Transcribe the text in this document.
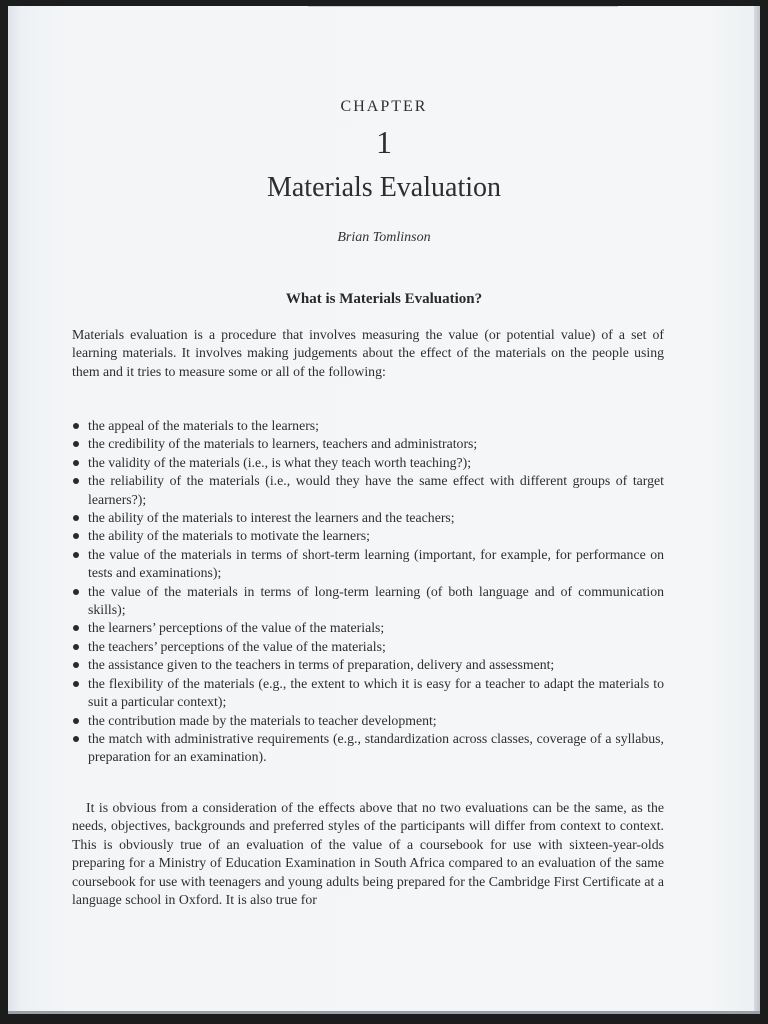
CHAPTER
1
Materials Evaluation
Brian Tomlinson
What is Materials Evaluation?

Materials evaluation is a procedure that involves measuring the value (or potential value) of a set of learning materials. It involves making judgements about the effect of the materials on the people using them and it tries to measure some or all of the following:

the appeal of the materials to the learners;
the credibility of the materials to learners, teachers and administrators;
the validity of the materials (i.e., is what they teach worth teaching?);
the reliability of the materials (i.e., would they have the same effect with different groups of target learners?);
the ability of the materials to interest the learners and the teachers;
the ability of the materials to motivate the learners;
the value of the materials in terms of short-term learning (important, for example, for performance on tests and examinations);
the value of the materials in terms of long-term learning (of both language and of communication skills);
the learners’ perceptions of the value of the materials;
the teachers’ perceptions of the value of the materials;
the assistance given to the teachers in terms of preparation, delivery and assessment;
the flexibility of the materials (e.g., the extent to which it is easy for a teacher to adapt the materials to suit a particular context);
the contribution made by the materials to teacher development;
the match with administrative requirements (e.g., standardization across classes, coverage of a syllabus, preparation for an examination).

It is obvious from a consideration of the effects above that no two evaluations can be the same, as the needs, objectives, backgrounds and preferred styles of the participants will differ from context to context. This is obviously true of an evaluation of the value of a coursebook for use with sixteen-year-olds preparing for a Ministry of Education Examination in South Africa compared to an evaluation of the same coursebook for use with teenagers and young adults being prepared for the Cambridge First Certificate at a language school in Oxford. It is also true for
